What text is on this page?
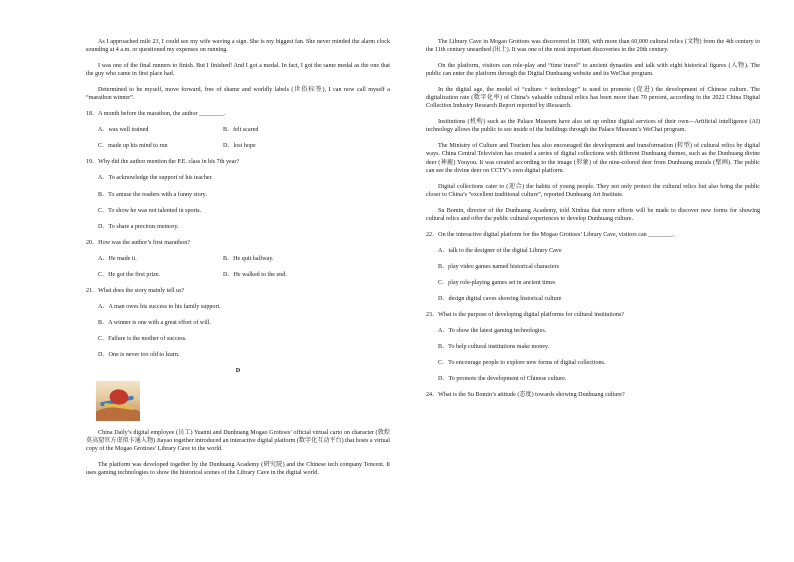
As I approached mile 23, I could see my wife waving a sign. She is my biggest fan. She never minded the alarm clock sounding at 4 a.m. or questioned my expenses on running.

I was one of the final runners to finish. But I finished! And I got a medal. In fact, I got the same medal as the one that the guy who came in first place had.

Determined to be myself, move forward, free of shame and worldly labels (世俗标签), I can now call myself a “marathon winner”.

18．A month before the marathon, the author ________.

A．was well trained	B．felt scared
C．made up his mind to run	D．lost hope

19．Why did the author mention the P.E. class in his 7th year?

A．To acknowledge the support of his teacher.

B．To amuse the readers with a funny story.

C．To show he was not talented in sports.

D．To share a precious memory.

20．How was the author’s first marathon?

A．He made it.	B．He quit halfway.
C．He got the first prize.	D．He walked to the end.

21．What does the story mainly tell us?

A．A man owes his success to his family support.

B．A winner is one with a great effort of will.

C．Failure is the mother of success.

D．One is never too old to learn.

D

China Daily’s digital employee (员工) Yuanni and Dunhuang Mogao Grottoes’ official virtual carto on character (敦煌莫高窟官方虚拟卡通人物) Jiayao together introduced an interactive digital platform (数字化互动平台) that hosts a virtual copy of the Mogao Grottoes’ Library Cave to the world.

The platform was developed together by the Dunhuang Academy (研究院) and the Chinese tech company Tencent. It uses gaming technologies to show the historical scenes of the Library Cave in the digital world.

The Library Cave in Mogao Grottoes was discovered in 1900, with more than 60,000 cultural relics (文物) from the 4th century to the 11th century unearthed (出土). It was one of the most important discoveries in the 20th century.

On the platform, visitors can role-play and “time travel” to ancient dynasties and talk with eight historical figures (人物). The public can enter the platform through the Digital Dunhuang website and its WeChat program.

In the digital age, the model of “culture + technology” is used to promote (促进) the development of Chinese culture. The digitalization rate (数字化率) of China’s valuable cultural relics has been more than 70 percent, according to the 2022 China Digital Collection Industry Research Report reported by iResearch.

Institutions (机构) such as the Palace Museum have also set up online digital services of their own—Artificial intelligence (AI) technology allows the public to see inside of the buildings through the Palace Museum’s WeChat program.

The Ministry of Culture and Tourism has also encouraged the development and transformation (转型) of cultural relics by digital ways. China Central Television has created a series of digital collections with different Dunhuang themes, such as the Dunhuang divine deer (神鹿) Youyou. It was created according to the image (形象) of the nine-colored deer from Dunhuang murals (壁画). The public can see the divine deer on CCTV’s own digital platform.

Digital collections cater to (迎合) the habits of young people. They not only protect the cultural relics but also bring the public closer to China’s “excellent traditional culture”, reported Dunhuang Art Institute.

Su Bomin, director of the Dunhuang Academy, told Xinhua that more efforts will be made to discover new forms for showing cultural relics and offer the public cultural experiences to develop Dunhuang culture.

22．On the interactive digital platform for the Mogao Grottoes’ Library Cave, visitors can ________.

A．talk to the designer of the digital Library Cave

B．play video games named historical characters

C．play role-playing games set in ancient times

D．design digital caves showing historical culture

23．What is the purpose of developing digital platforms for cultural institutions?

A．To show the latest gaming technologies.

B．To help cultural institutions make money.

C．To encourage people to explore new forms of digital collections.

D．To promote the development of Chinese culture.

24．What is the Su Bomin’s attitude (态度) towards showing Dunhuang culture?
